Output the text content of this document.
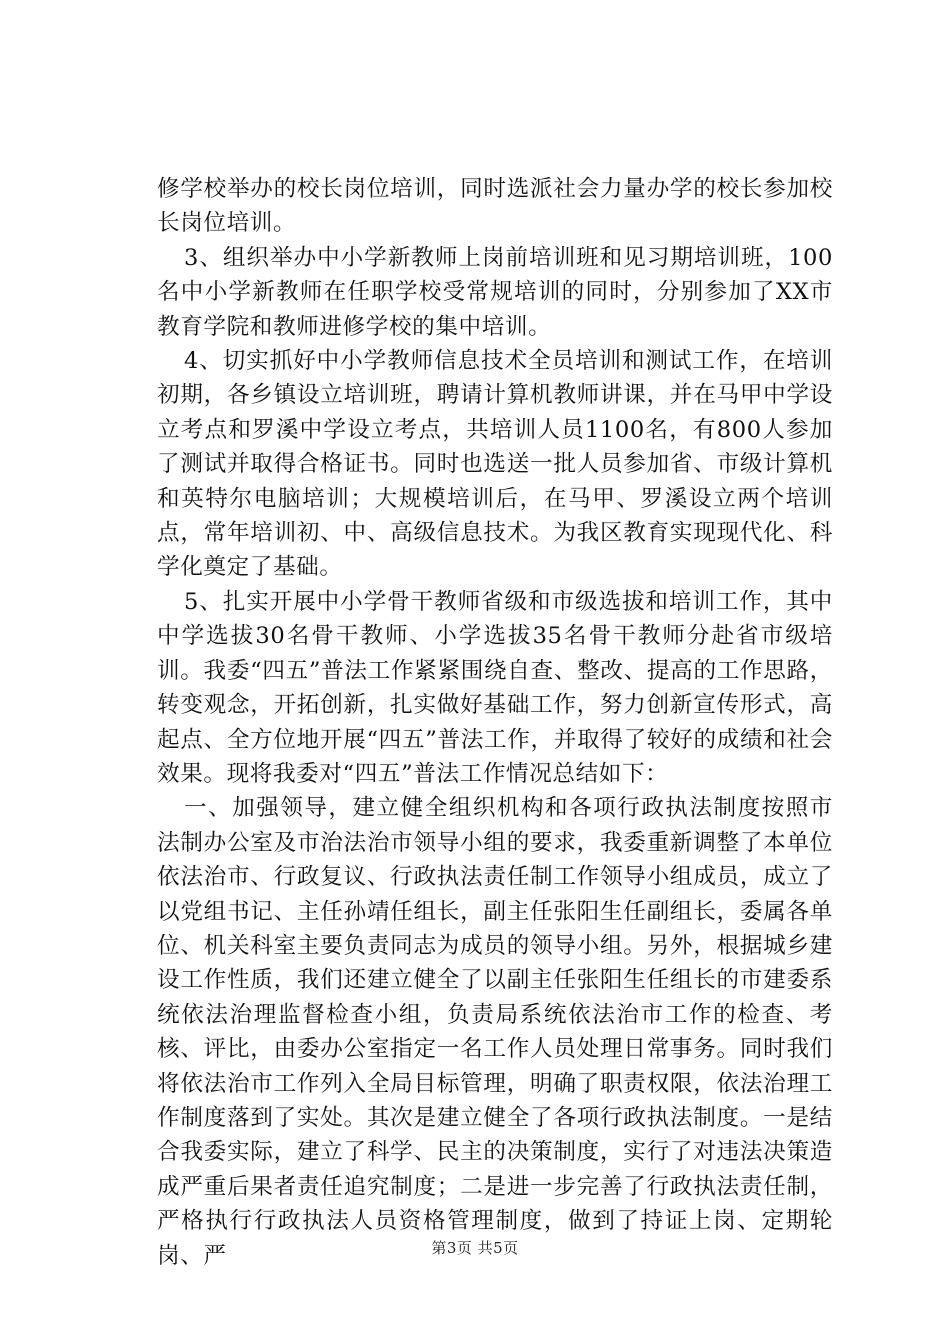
修学校举办的校长岗位培训，同时选派社会力量办学的校长参加校长岗位培训。

3、组织举办中小学新教师上岗前培训班和见习期培训班，100名中小学新教师在任职学校受常规培训的同时，分别参加了XX市教育学院和教师进修学校的集中培训。

4、切实抓好中小学教师信息技术全员培训和测试工作，在培训初期，各乡镇设立培训班，聘请计算机教师讲课，并在马甲中学设立考点和罗溪中学设立考点，共培训人员1100名，有800人参加了测试并取得合格证书。同时也选送一批人员参加省、市级计算机和英特尔电脑培训；大规模培训后，在马甲、罗溪设立两个培训点，常年培训初、中、高级信息技术。为我区教育实现现代化、科学化奠定了基础。

5、扎实开展中小学骨干教师省级和市级选拔和培训工作，其中中学选拔30名骨干教师、小学选拔35名骨干教师分赴省市级培训。我委“四五”普法工作紧紧围绕自查、整改、提高的工作思路，转变观念，开拓创新，扎实做好基础工作，努力创新宣传形式，高起点、全方位地开展“四五”普法工作，并取得了较好的成绩和社会效果。现将我委对“四五”普法工作情况总结如下：

一、加强领导，建立健全组织机构和各项行政执法制度按照市法制办公室及市治法治市领导小组的要求，我委重新调整了本单位依法治市、行政复议、行政执法责任制工作领导小组成员，成立了以党组书记、主任孙靖任组长，副主任张阳生任副组长，委属各单位、机关科室主要负责同志为成员的领导小组。另外，根据城乡建设工作性质，我们还建立健全了以副主任张阳生任组长的市建委系统依法治理监督检查小组，负责局系统依法治市工作的检查、考核、评比，由委办公室指定一名工作人员处理日常事务。同时我们将依法治市工作列入全局目标管理，明确了职责权限，依法治理工作制度落到了实处。其次是建立健全了各项行政执法制度。一是结合我委实际，建立了科学、民主的决策制度，实行了对违法决策造成严重后果者责任追究制度；二是进一步完善了行政执法责任制，严格执行行政执法人员资格管理制度，做到了持证上岗、定期轮岗、严	第3页 共5页
